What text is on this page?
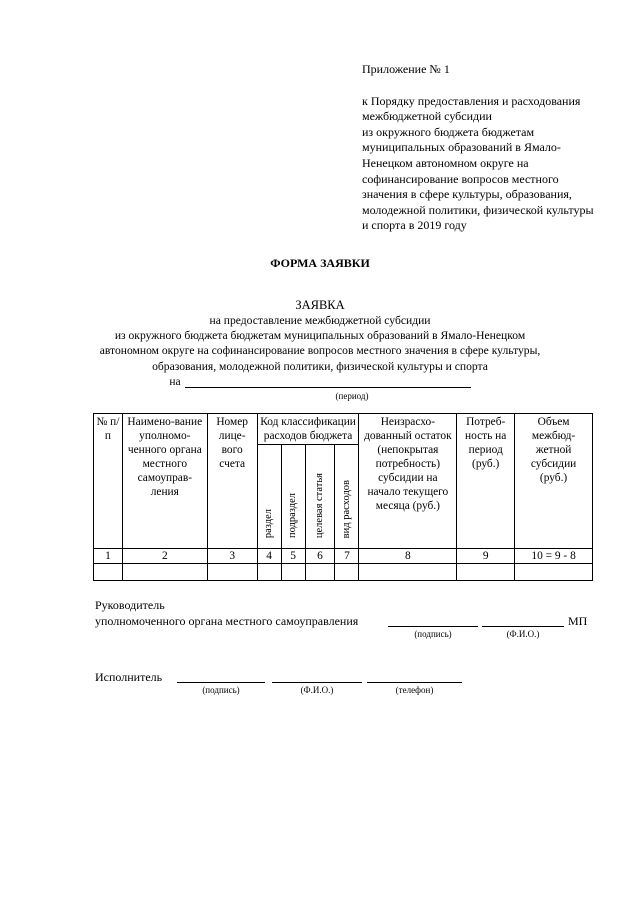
Приложение № 1

к Порядку предоставления и расходования

межбюджетной субсидии

из окружного бюджета бюджетам

муниципальных образований в Ямало-

Ненецком автономном округе на

софинансирование вопросов местного

значения в сфере культуры, образования,

молодежной политики, физической культуры

и спорта в 2019 году

ФОРМА ЗАЯВКИ
ЗАЯВКА
на предоставление межбюджетной субсидии
из окружного бюджета бюджетам муниципальных образований в Ямало-Ненецком
автономном округе на софинансирование вопросов местного значения в сфере культуры,
образования, молодежной политики, физической культуры и спорта
на
(период)
№ п/п	Наимено-вание уполномо-ченного органа местного самоуправ-ления	Номер лице-вого счета	Код классификации расходов бюджета				Неизрасхо-дованный остаток (непокрытая потребность) субсидии на начало текущего месяца (руб.)	Потреб-ность на период (руб.)	Объем межбюд-жетной субсидии (руб.)
			раздел	подраздел	целевая статья	вид расходов			
1	2	3	4	5	6	7	8	9	10 = 9 - 8

Руководитель
уполномоченного органа местного самоуправления	МП
(подпись)	(Ф.И.О.)
Исполнитель
(подпись)	(Ф.И.О.)	(телефон)
